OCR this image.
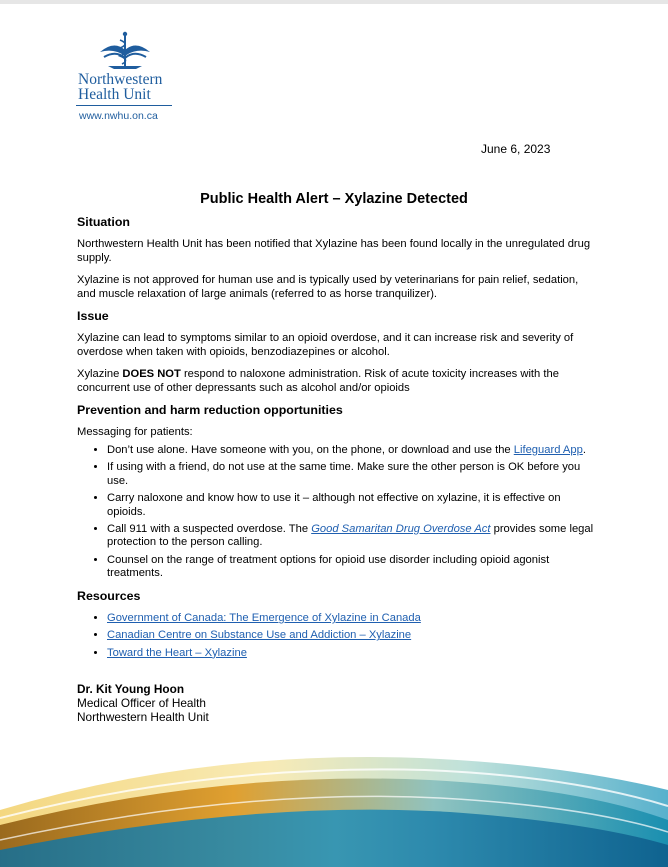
Northwestern
Health Unit
www.nwhu.on.ca
June 6, 2023
Public Health Alert – Xylazine Detected
Situation

Northwestern Health Unit has been notified that Xylazine has been found locally in the unregulated drug supply.

Xylazine is not approved for human use and is typically used by veterinarians for pain relief, sedation, and muscle relaxation of large animals (referred to as horse tranquilizer).

Issue

Xylazine can lead to symptoms similar to an opioid overdose, and it can increase risk and severity of overdose when taken with opioids, benzodiazepines or alcohol.

Xylazine DOES NOT respond to naloxone administration. Risk of acute toxicity increases with the concurrent use of other depressants such as alcohol and/or opioids

Prevention and harm reduction opportunities

Messaging for patients:

• Don’t use alone. Have someone with you, on the phone, or download and use the Lifeguard App.
• If using with a friend, do not use at the same time. Make sure the other person is OK before you use.
• Carry naloxone and know how to use it – although not effective on xylazine, it is effective on opioids.
• Call 911 with a suspected overdose. The Good Samaritan Drug Overdose Act provides some legal protection to the person calling.
• Counsel on the range of treatment options for opioid use disorder including opioid agonist treatments.
Resources
• Government of Canada: The Emergence of Xylazine in Canada
• Canadian Centre on Substance Use and Addiction – Xylazine
• Toward the Heart – Xylazine
Dr. Kit Young Hoon
Medical Officer of Health
Northwestern Health Unit
